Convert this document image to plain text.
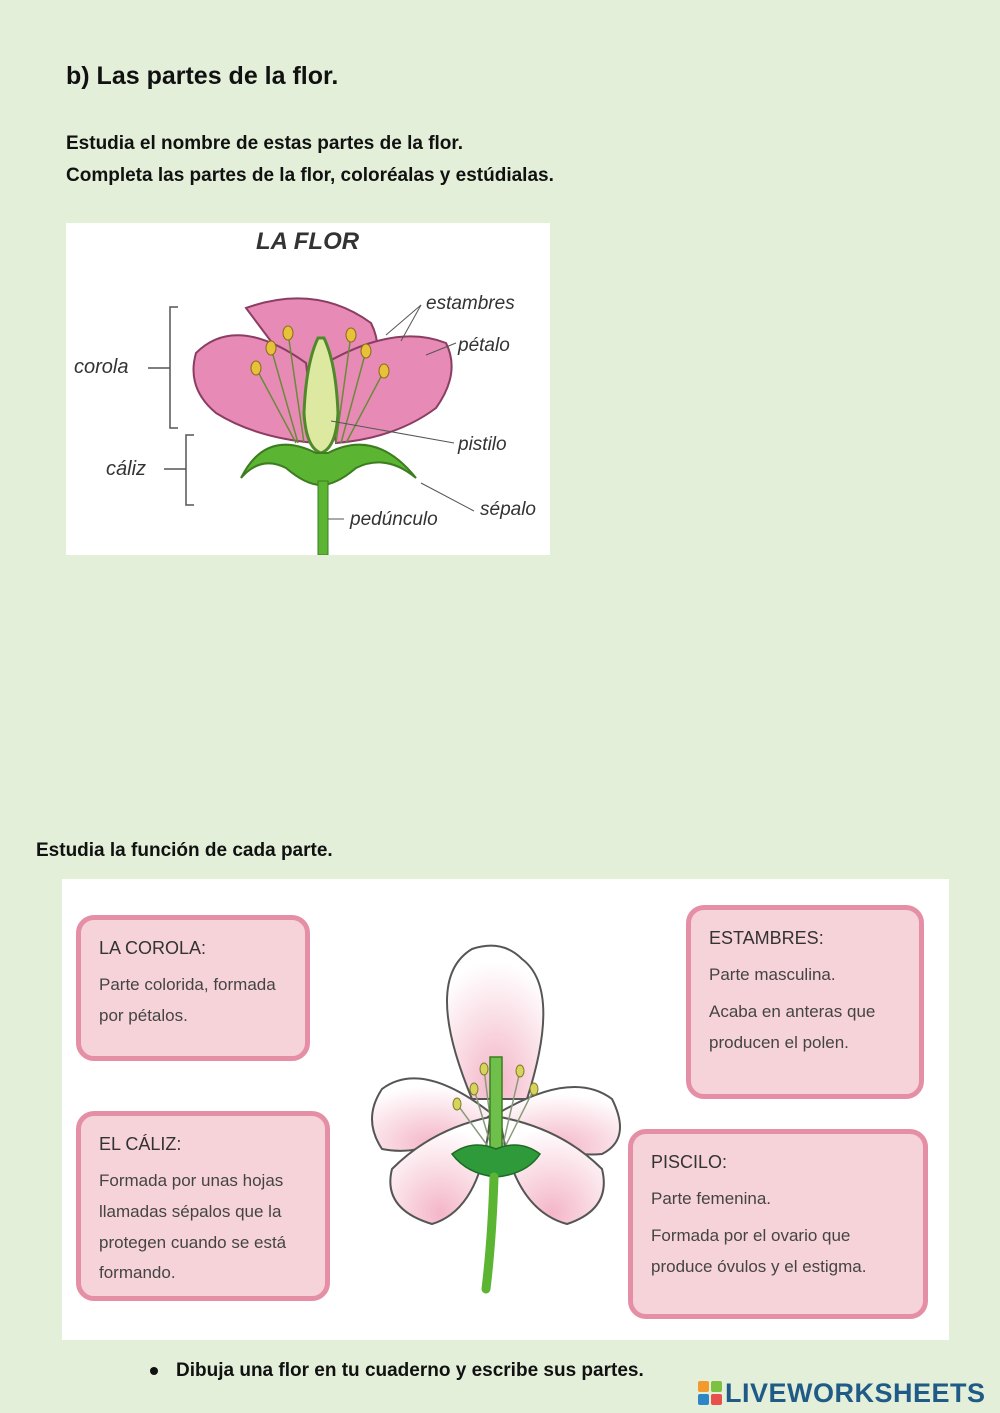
b) Las partes de la flor.
Estudia el nombre de estas partes de la flor.
Completa las partes de la flor, coloréalas y estúdialas.
LA FLOR
estambres
pétalo
corola
pistilo
cáliz
sépalo
pedúnculo
Estudia la función de cada parte.
LA COROLA:

Parte colorida, formada por pétalos.

ESTAMBRES:

Parte masculina.

Acaba en anteras que producen el polen.

EL CÁLIZ:

Formada por unas hojas llamadas sépalos que la protegen cuando se está formando.

PISCILO:

Parte femenina.

Formada por el ovario que produce óvulos y el estigma.

Dibuja una flor en tu cuaderno y escribe sus partes.
LIVEWORKSHEETS
